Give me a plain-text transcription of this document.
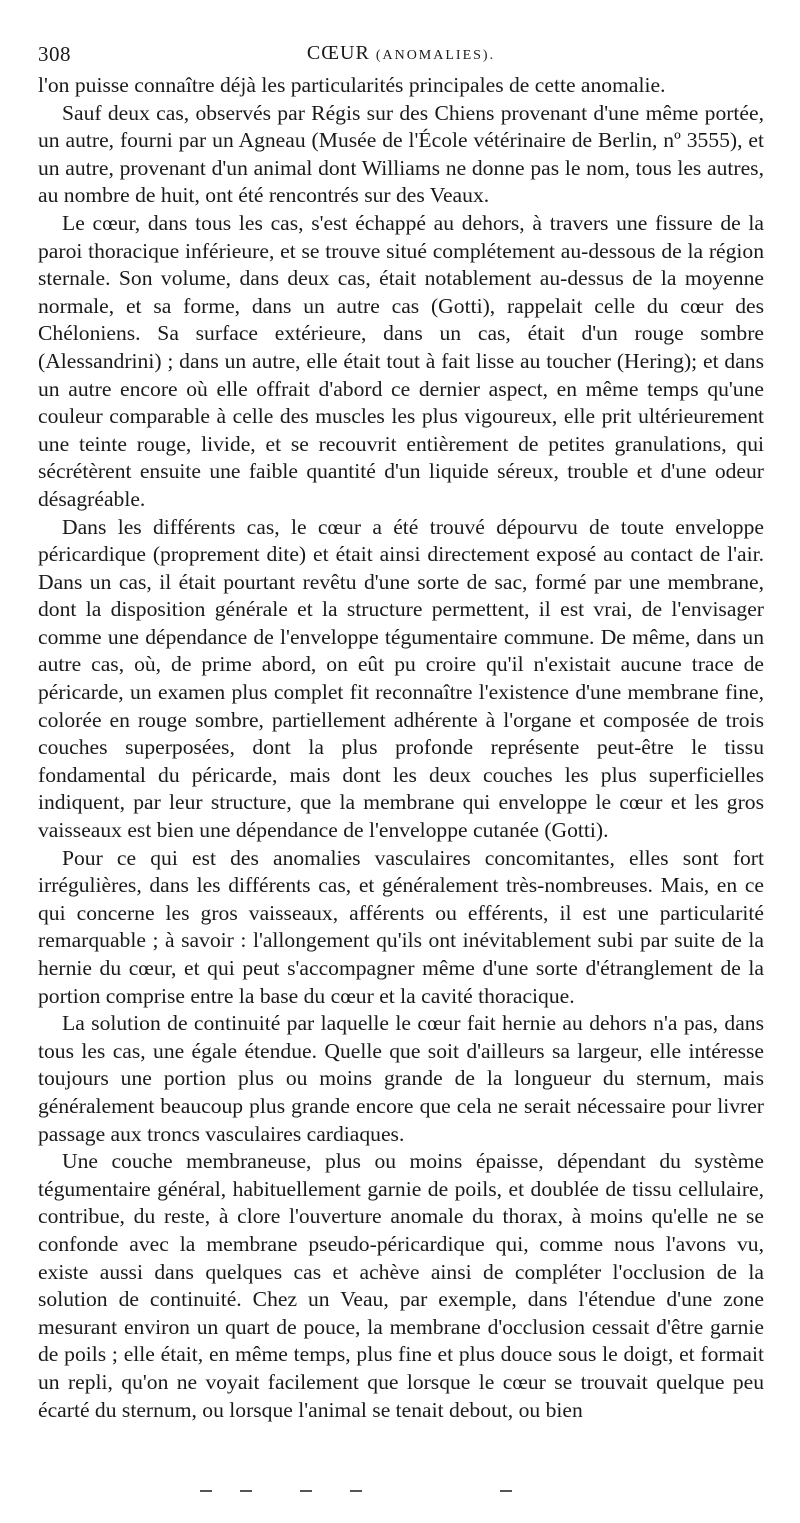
308	CŒUR (ANOMALIES).

l'on puisse connaître déjà les particularités principales de cette anomalie.

Sauf deux cas, observés par Régis sur des Chiens provenant d'une même portée, un autre, fourni par un Agneau (Musée de l'École vétérinaire de Berlin, nº 3555), et un autre, provenant d'un animal dont Williams ne donne pas le nom, tous les autres, au nombre de huit, ont été rencontrés sur des Veaux.

Le cœur, dans tous les cas, s'est échappé au dehors, à travers une fissure de la paroi thoracique inférieure, et se trouve situé complétement au-dessous de la région sternale. Son volume, dans deux cas, était notablement au-dessus de la moyenne normale, et sa forme, dans un autre cas (Gotti), rappelait celle du cœur des Chéloniens. Sa surface extérieure, dans un cas, était d'un rouge sombre (Alessandrini) ; dans un autre, elle était tout à fait lisse au toucher (Hering); et dans un autre encore où elle offrait d'abord ce dernier aspect, en même temps qu'une couleur comparable à celle des muscles les plus vigoureux, elle prit ultérieurement une teinte rouge, livide, et se recouvrit entièrement de petites granulations, qui sécrétèrent ensuite une faible quantité d'un liquide séreux, trouble et d'une odeur désagréable.

Dans les différents cas, le cœur a été trouvé dépourvu de toute enveloppe péricardique (proprement dite) et était ainsi directement exposé au contact de l'air. Dans un cas, il était pourtant revêtu d'une sorte de sac, formé par une membrane, dont la disposition générale et la structure permettent, il est vrai, de l'envisager comme une dépendance de l'enveloppe tégumentaire commune. De même, dans un autre cas, où, de prime abord, on eût pu croire qu'il n'existait aucune trace de péricarde, un examen plus complet fit reconnaître l'existence d'une membrane fine, colorée en rouge sombre, partiellement adhérente à l'organe et composée de trois couches superposées, dont la plus profonde représente peut-être le tissu fondamental du péricarde, mais dont les deux couches les plus superficielles indiquent, par leur structure, que la membrane qui enveloppe le cœur et les gros vaisseaux est bien une dépendance de l'enveloppe cutanée (Gotti).

Pour ce qui est des anomalies vasculaires concomitantes, elles sont fort irrégulières, dans les différents cas, et généralement très-nombreuses. Mais, en ce qui concerne les gros vaisseaux, afférents ou efférents, il est une particularité remarquable ; à savoir : l'allongement qu'ils ont inévitablement subi par suite de la hernie du cœur, et qui peut s'accompagner même d'une sorte d'étranglement de la portion comprise entre la base du cœur et la cavité thoracique.

La solution de continuité par laquelle le cœur fait hernie au dehors n'a pas, dans tous les cas, une égale étendue. Quelle que soit d'ailleurs sa largeur, elle intéresse toujours une portion plus ou moins grande de la longueur du sternum, mais généralement beaucoup plus grande encore que cela ne serait nécessaire pour livrer passage aux troncs vasculaires cardiaques.

Une couche membraneuse, plus ou moins épaisse, dépendant du système tégumentaire général, habituellement garnie de poils, et doublée de tissu cellulaire, contribue, du reste, à clore l'ouverture anomale du thorax, à moins qu'elle ne se confonde avec la membrane pseudo-péricardique qui, comme nous l'avons vu, existe aussi dans quelques cas et achève ainsi de compléter l'occlusion de la solution de continuité. Chez un Veau, par exemple, dans l'étendue d'une zone mesurant environ un quart de pouce, la membrane d'occlusion cessait d'être garnie de poils ; elle était, en même temps, plus fine et plus douce sous le doigt, et formait un repli, qu'on ne voyait facilement que lorsque le cœur se trouvait quelque peu écarté du sternum, ou lorsque l'animal se tenait debout, ou bien
